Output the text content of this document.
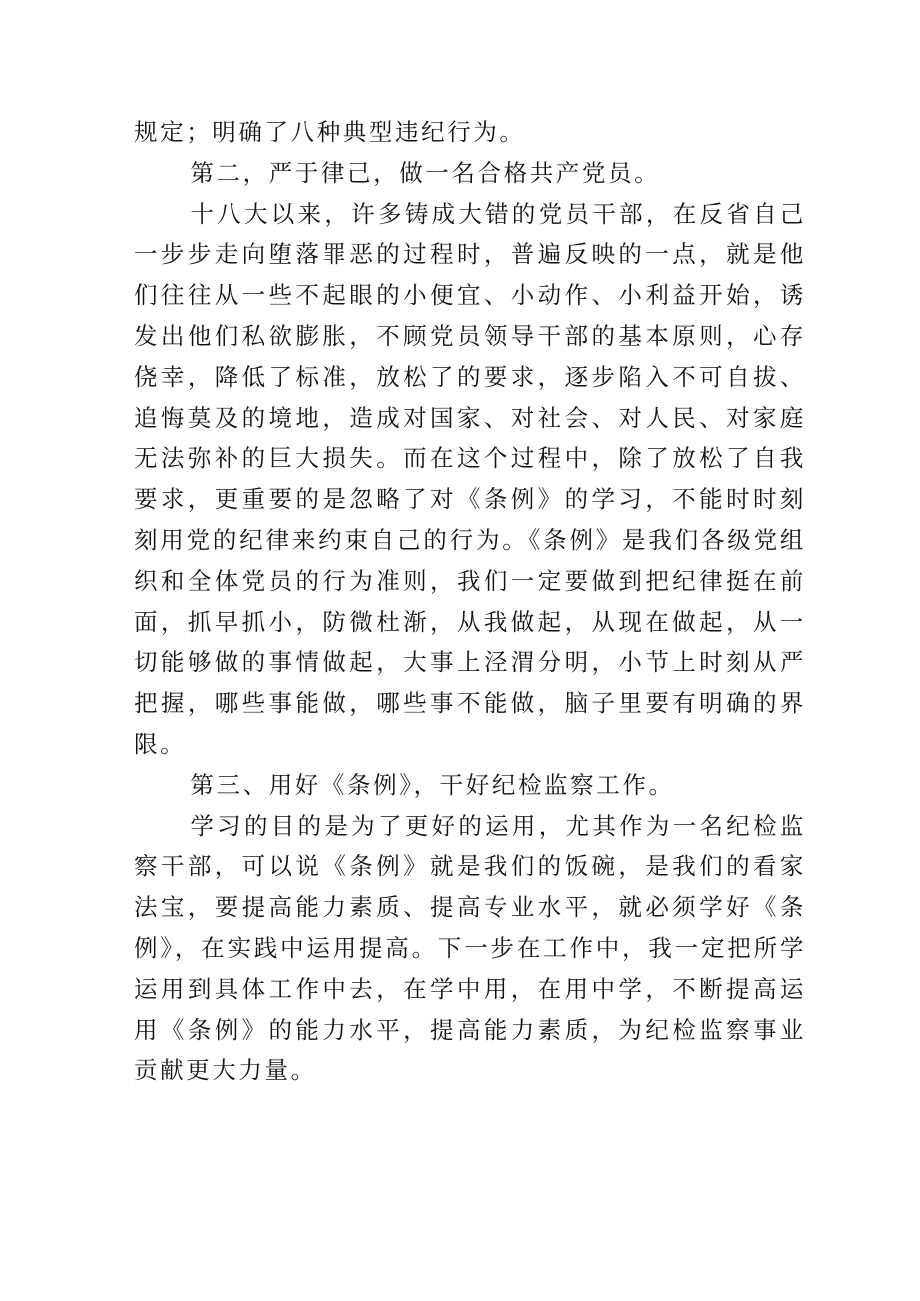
规定；明确了八种典型违纪行为。

第二，严于律己，做一名合格共产党员。

十八大以来，许多铸成大错的党员干部，在反省自己一步步走向堕落罪恶的过程时，普遍反映的一点，就是他们往往从一些不起眼的小便宜、小动作、小利益开始，诱发出他们私欲膨胀，不顾党员领导干部的基本原则，心存侥幸，降低了标准，放松了的要求，逐步陷入不可自拔、追悔莫及的境地，造成对国家、对社会、对人民、对家庭无法弥补的巨大损失。而在这个过程中，除了放松了自我要求，更重要的是忽略了对《条例》的学习，不能时时刻刻用党的纪律来约束自己的行为。《条例》是我们各级党组织和全体党员的行为准则，我们一定要做到把纪律挺在前面，抓早抓小，防微杜渐，从我做起，从现在做起，从一切能够做的事情做起，大事上泾渭分明，小节上时刻从严把握，哪些事能做，哪些事不能做，脑子里要有明确的界限。

第三、用好《条例》，干好纪检监察工作。

学习的目的是为了更好的运用，尤其作为一名纪检监察干部，可以说《条例》就是我们的饭碗，是我们的看家法宝，要提高能力素质、提高专业水平，就必须学好《条例》，在实践中运用提高。下一步在工作中，我一定把所学运用到具体工作中去，在学中用，在用中学，不断提高运用《条例》的能力水平，提高能力素质，为纪检监察事业贡献更大力量。
